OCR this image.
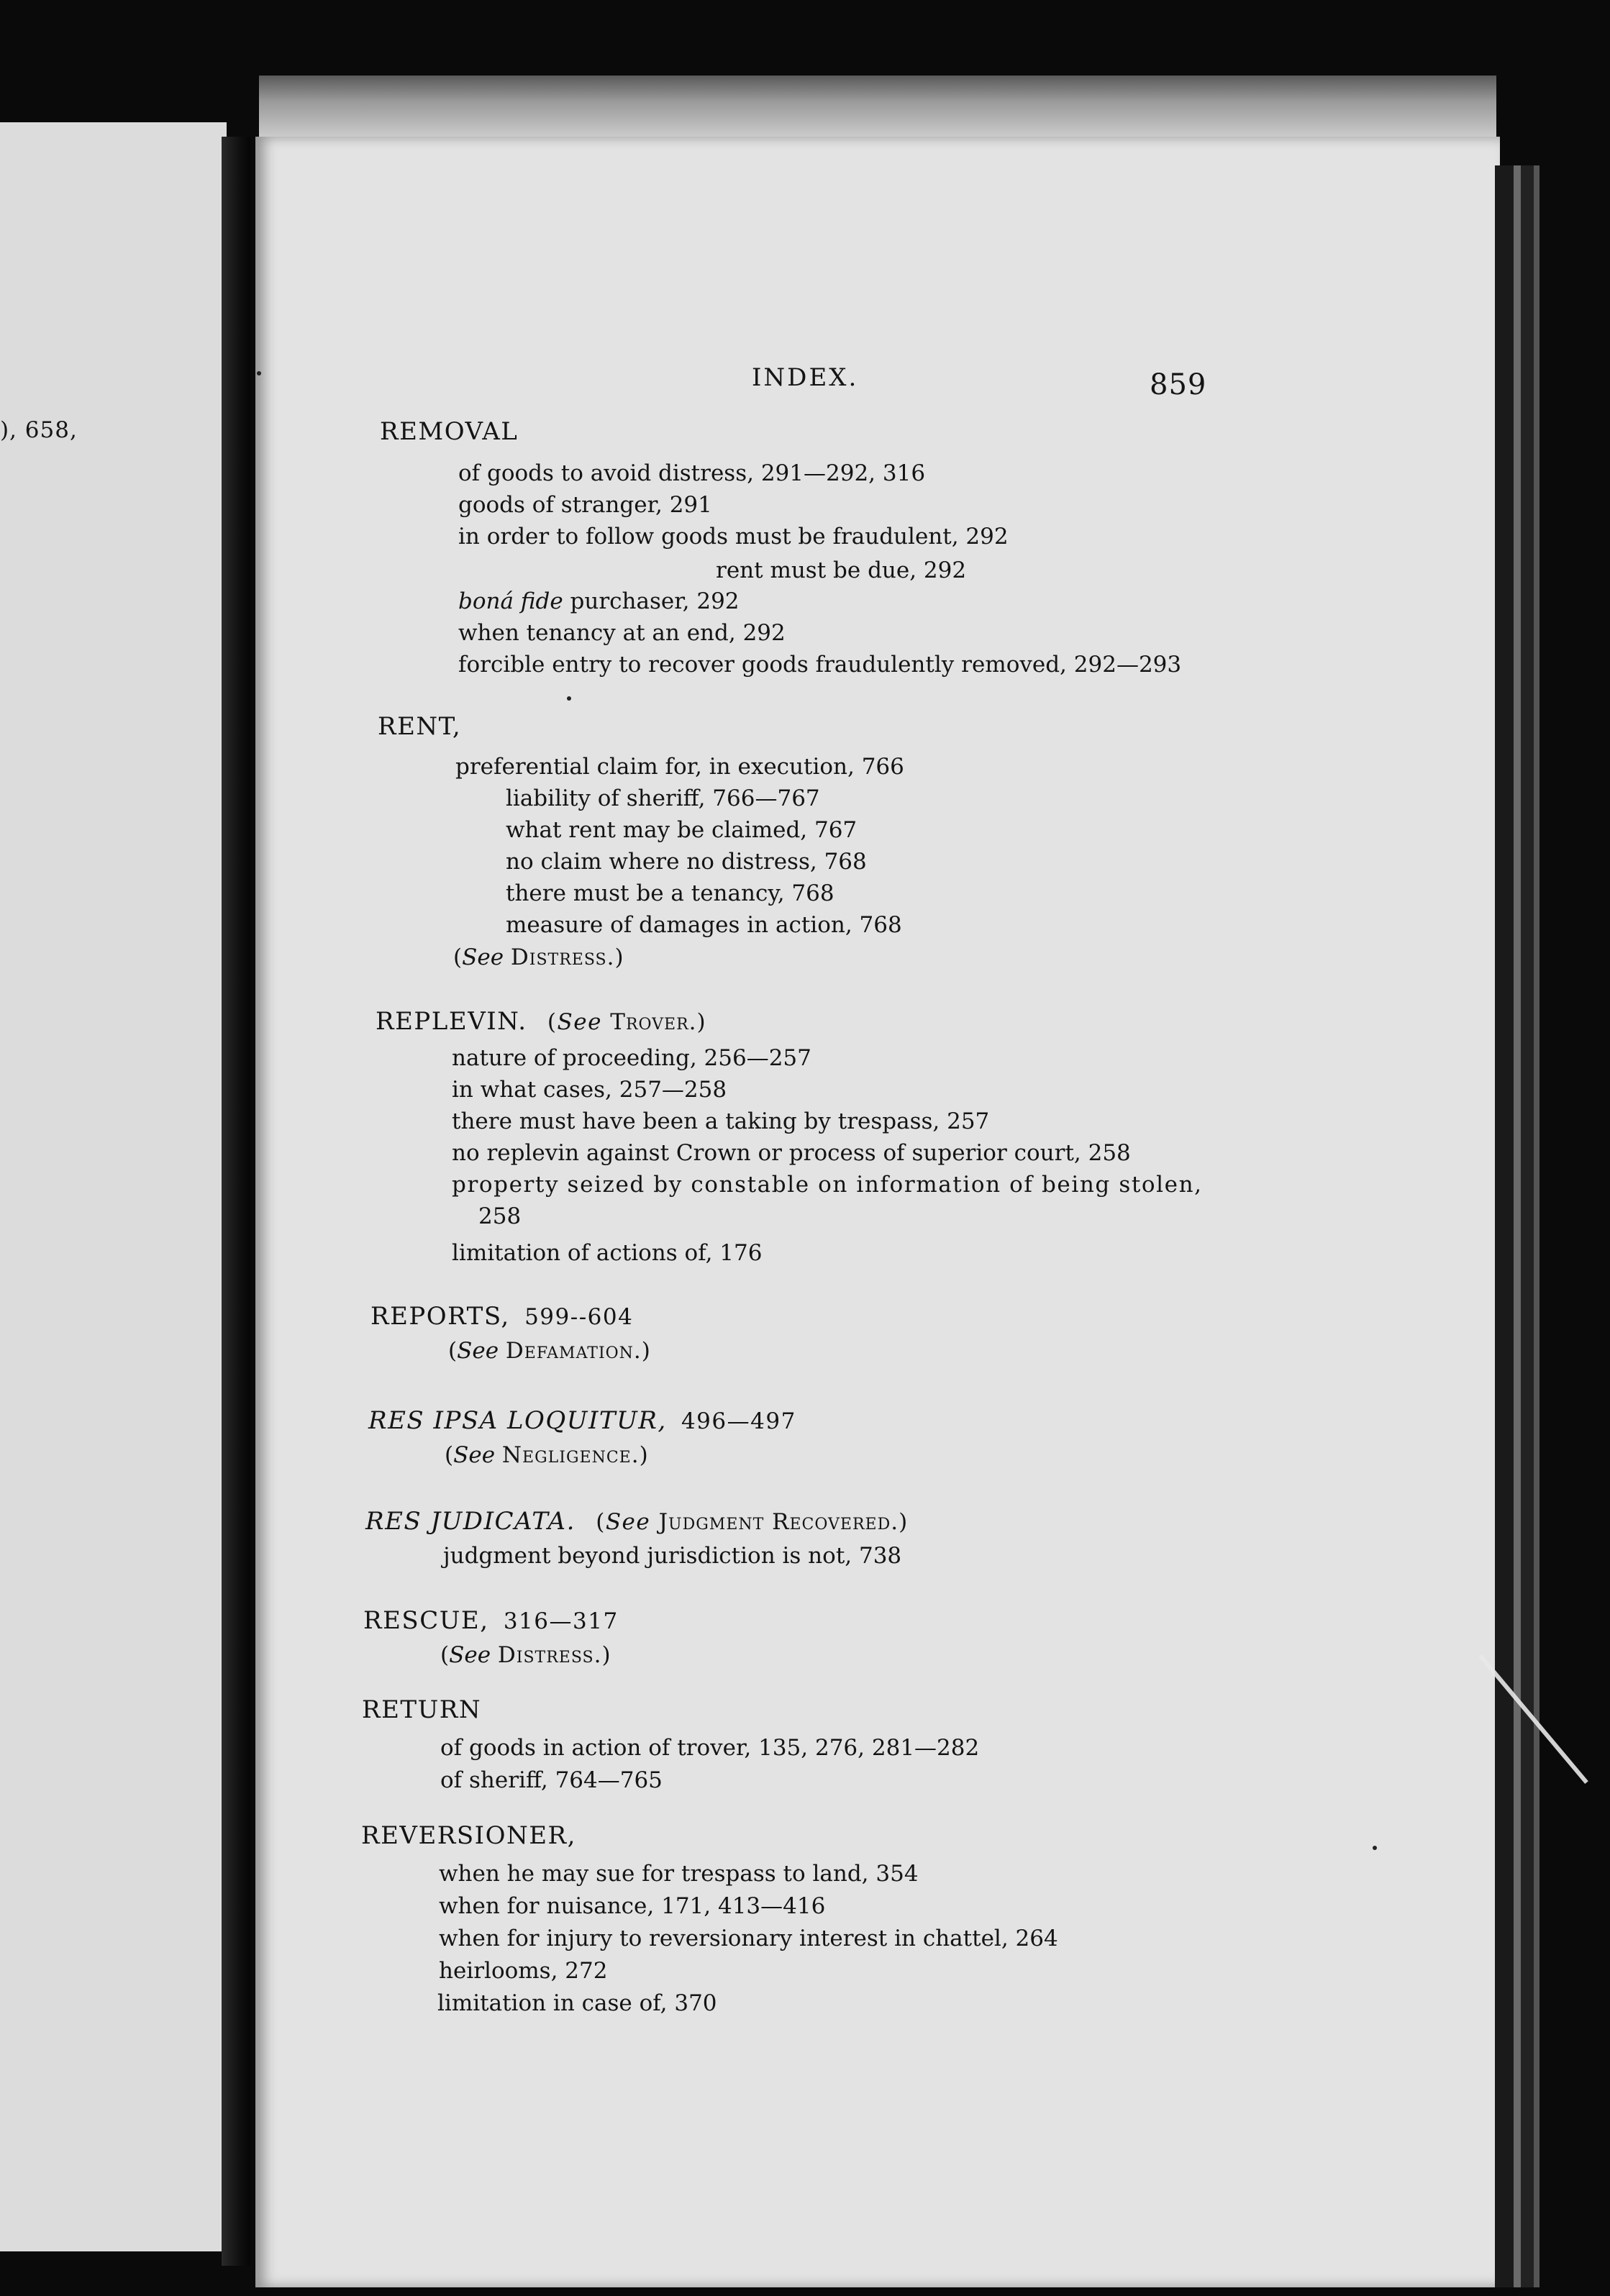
), 658,
INDEX.	859
REMOVAL
of goods to avoid distress, 291—292, 316
goods of stranger, 291
in order to follow goods must be fraudulent, 292
rent must be due, 292
boná fide purchaser, 292
when tenancy at an end, 292
forcible entry to recover goods fraudulently removed, 292—293
RENT,
preferential claim for, in execution, 766
liability of sheriff, 766—767
what rent may be claimed, 767
no claim where no distress, 768
there must be a tenancy, 768
measure of damages in action, 768
(See Distress.)
REPLEVIN. (See Trover.)
nature of proceeding, 256—257
in what cases, 257—258
there must have been a taking by trespass, 257
no replevin against Crown or process of superior court, 258
property seized by constable on information of being stolen,
258
limitation of actions of, 176
REPORTS, 599--604
(See Defamation.)
RES IPSA LOQUITUR, 496—497
(See Negligence.)
RES JUDICATA. (See Judgment Recovered.)
judgment beyond jurisdiction is not, 738
RESCUE, 316—317
(See Distress.)
RETURN
of goods in action of trover, 135, 276, 281—282
of sheriff, 764—765
REVERSIONER,
when he may sue for trespass to land, 354
when for nuisance, 171, 413—416
when for injury to reversionary interest in chattel, 264
heirlooms, 272
limitation in case of, 370
